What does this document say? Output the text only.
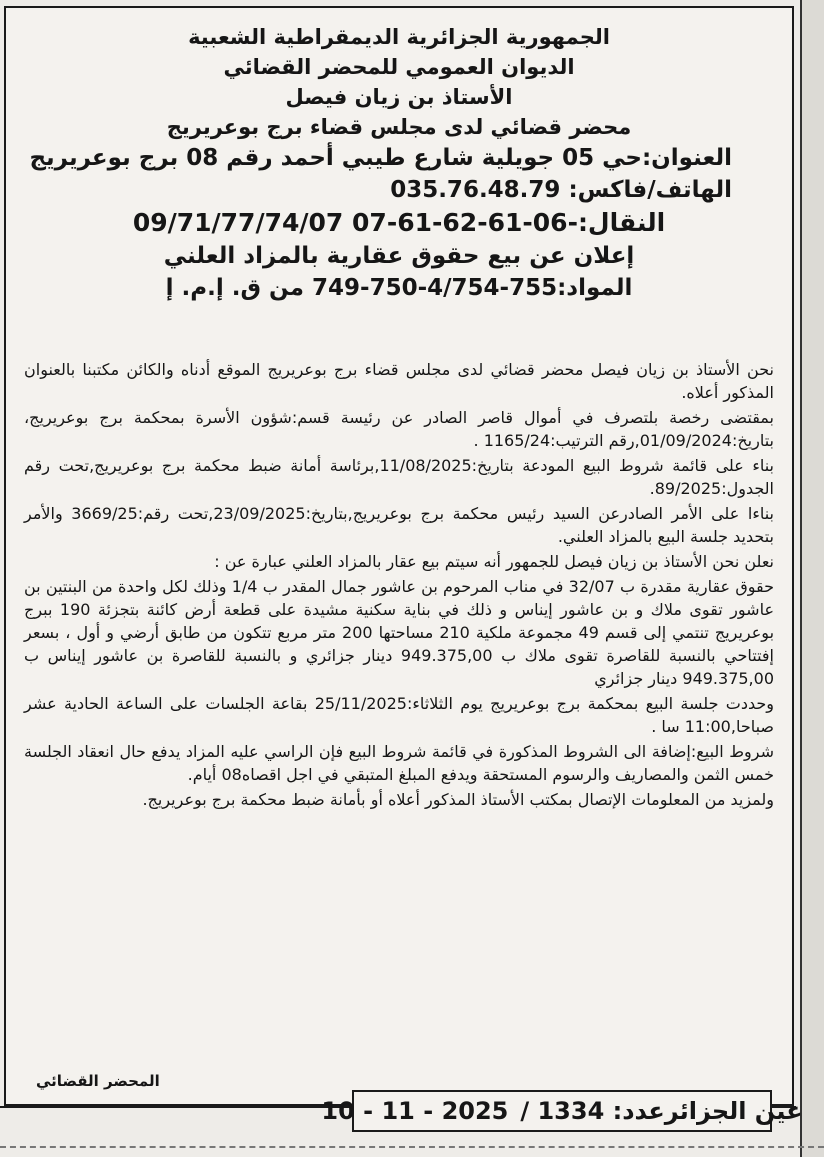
الجمهورية الجزائرية الديمقراطية الشعبية
الديوان العمومي للمحضر القضائي
الأستاذ بن زيان فيصل
محضر قضائي لدى مجلس قضاء برج بوعريريج
العنوان:حي 05 جويلية شارع طيبي أحمد رقم 08 برج بوعريريج
الهاتف/فاكس: 035.76.48.79
النقال:-06-61-62-61-07 09/71/77/74/07
إعلان عن بيع حقوق عقارية بالمزاد العلني
المواد:755-4/754-750-749 من ق. إ.م. إ

نحن الأستاذ بن زيان فيصل محضر قضائي لدى مجلس قضاء برج بوعريريج الموقع أدناه والكائن مكتبنا بالعنوان المذكور أعلاه.

بمقتضى رخصة بلتصرف في أموال قاصر الصادر عن رئيسة قسم:شؤون الأسرة بمحكمة برج بوعريريج، بتاريخ:01/09/2024,رقم الترتيب:1165/24 .

بناء على قائمة شروط البيع المودعة بتاريخ:11/08/2025,برئاسة أمانة ضبط محكمة برج بوعريريج,تحت رقم الجدول:89/2025.

بناءا على الأمر الصادرعن السيد رئيس محكمة برج بوعريريج,بتاريخ:23/09/2025,تحت رقم:3669/25 والأمر بتحديد جلسة البيع بالمزاد العلني.

نعلن نحن الأستاذ بن زيان فيصل للجمهور أنه سيتم بيع عقار بالمزاد العلني عبارة عن :

حقوق عقارية مقدرة ب 32/07 في مناب المرحوم بن عاشور جمال المقدر ب 1/4 وذلك لكل واحدة من البنتين بن عاشور تقوى ملاك و بن عاشور إيناس و ذلك في بناية سكنية مشيدة على قطعة أرض كائنة بتجزئة 190 ببرج بوعريريج تنتمي إلى قسم 49 مجموعة ملكية 210 مساحتها 200 متر مربع تتكون من طابق أرضي و أول ، بسعر إفتتاحي بالنسبة للقاصرة تقوى ملاك ب 949.375,00 دينار جزائري و بالنسبة للقاصرة بن عاشور إيناس ب 949.375,00 دينار جزائري

وحددت جلسة البيع بمحكمة برج بوعريريج يوم الثلاثاء:25/11/2025 بقاعة الجلسات على الساعة الحادية عشر صباحا,11:00 سا .

شروط البيع:إضافة الى الشروط المذكورة في قائمة شروط البيع فإن الراسي عليه المزاد يدفع حال انعقاد الجلسة خمس الثمن والمصاريف والرسوم المستحقة ويدفع المبلغ المتبقي في اجل اقصاه08 أيام.

ولمزيد من المعلومات الإتصال بمكتب الأستاذ المذكور أعلاه أو بأمانة ضبط محكمة برج بوعريريج.

المحضر القضائي
عين الجزائرعدد: 1334 /
2025 - 11 - 10
